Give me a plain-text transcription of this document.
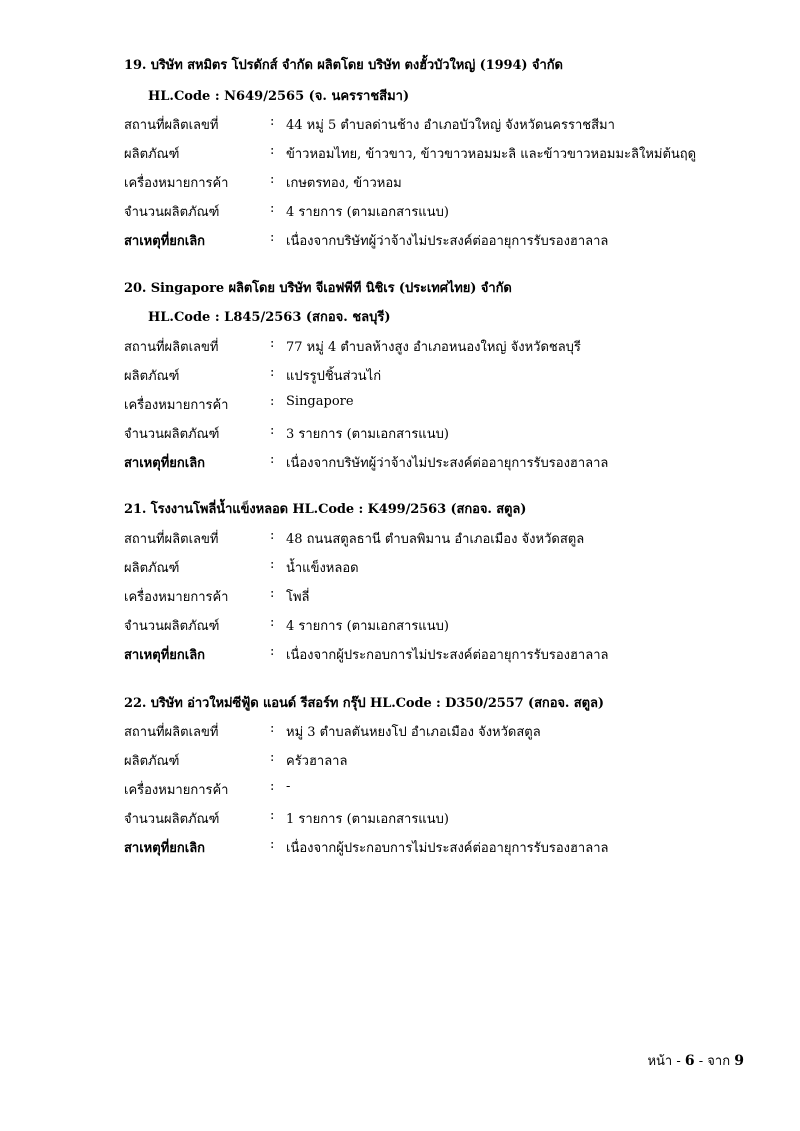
19. บริษัท สหมิตร โปรดักส์ จำกัด ผลิตโดย บริษัท ตงฮั้วบัวใหญ่ (1994) จำกัด
HL.Code : N649/2565 (จ. นครราชสีมา)
สถานที่ผลิตเลขที่	: 44 หมู่ 5 ตำบลด่านช้าง อำเภอบัวใหญ่ จังหวัดนครราชสีมา
ผลิตภัณฑ์	: ข้าวหอมไทย, ข้าวขาว, ข้าวขาวหอมมะลิ และข้าวขาวหอมมะลิใหม่ต้นฤดู
เครื่องหมายการค้า	: เกษตรทอง, ข้าวหอม
จำนวนผลิตภัณฑ์	: 4 รายการ (ตามเอกสารแนบ)
สาเหตุที่ยกเลิก	: เนื่องจากบริษัทผู้ว่าจ้างไม่ประสงค์ต่ออายุการรับรองฮาลาล
20. Singapore ผลิตโดย บริษัท จีเอฟพีที นิชิเร (ประเทศไทย) จำกัด
HL.Code : L845/2563 (สกอจ. ชลบุรี)
สถานที่ผลิตเลขที่	: 77 หมู่ 4 ตำบลห้างสูง อำเภอหนองใหญ่ จังหวัดชลบุรี
ผลิตภัณฑ์	: แปรรูปชิ้นส่วนไก่
เครื่องหมายการค้า	: Singapore
จำนวนผลิตภัณฑ์	: 3 รายการ (ตามเอกสารแนบ)
สาเหตุที่ยกเลิก	: เนื่องจากบริษัทผู้ว่าจ้างไม่ประสงค์ต่ออายุการรับรองฮาลาล
21. โรงงานโพลี่น้ำแข็งหลอด HL.Code : K499/2563 (สกอจ. สตูล)
สถานที่ผลิตเลขที่	: 48 ถนนสตูลธานี ตำบลพิมาน อำเภอเมือง จังหวัดสตูล
ผลิตภัณฑ์	: น้ำแข็งหลอด
เครื่องหมายการค้า	: โพลี่
จำนวนผลิตภัณฑ์	: 4 รายการ (ตามเอกสารแนบ)
สาเหตุที่ยกเลิก	: เนื่องจากผู้ประกอบการไม่ประสงค์ต่ออายุการรับรองฮาลาล
22. บริษัท อ่าวใหม่ซีฟู้ด แอนด์ รีสอร์ท กรุ๊ป HL.Code : D350/2557 (สกอจ. สตูล)
สถานที่ผลิตเลขที่	: หมู่ 3 ตำบลตันหยงโป อำเภอเมือง จังหวัดสตูล
ผลิตภัณฑ์	: ครัวฮาลาล
เครื่องหมายการค้า	: -
จำนวนผลิตภัณฑ์	: 1 รายการ (ตามเอกสารแนบ)
สาเหตุที่ยกเลิก	: เนื่องจากผู้ประกอบการไม่ประสงค์ต่ออายุการรับรองฮาลาล
หน้า - 6 - จาก 9
